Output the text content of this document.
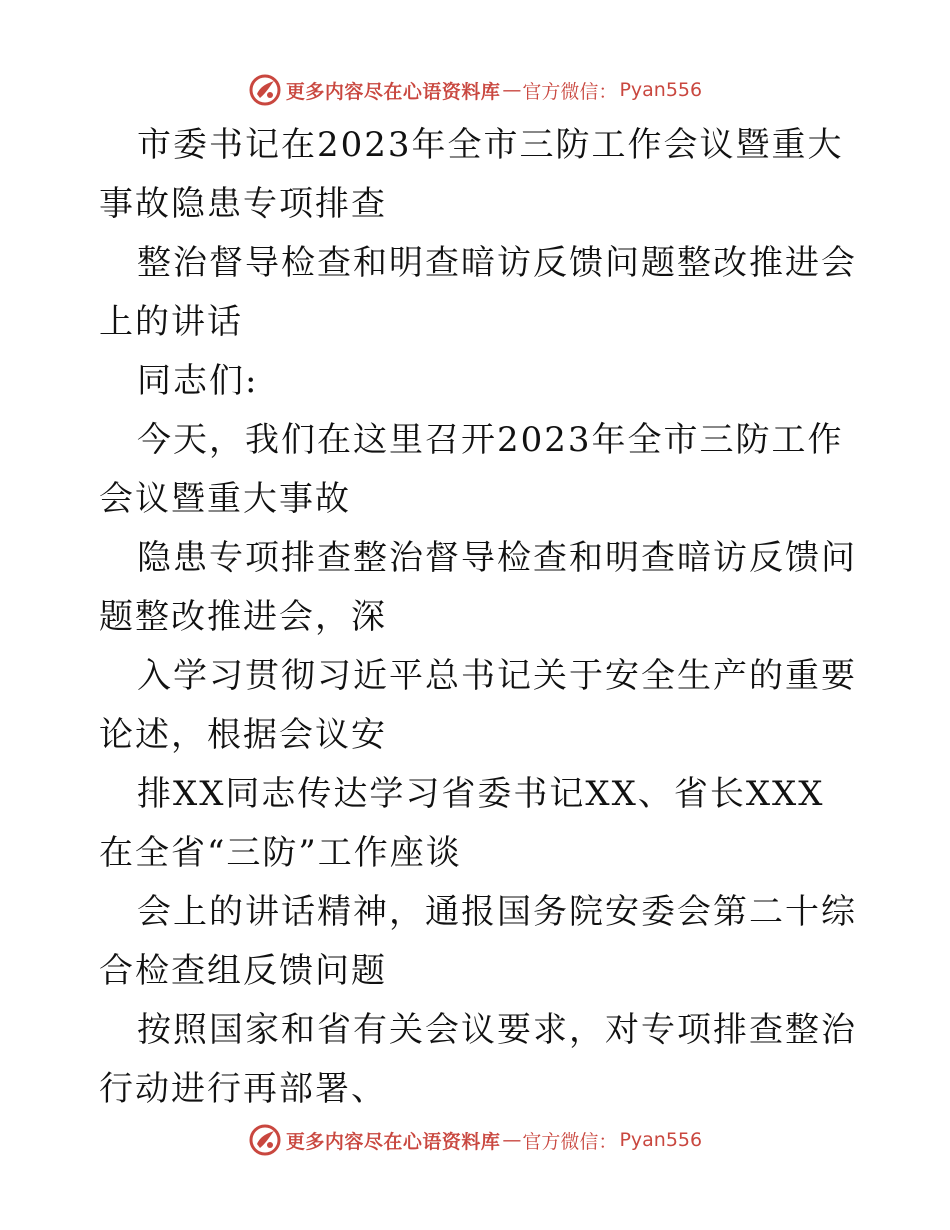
更多内容尽在心语资料库 — 官方微信： Pyan556

市委书记在2023年全市三防工作会议暨重大事故隐患专项排查

整治督导检查和明查暗访反馈问题整改推进会上的讲话

同志们:

今天，我们在这里召开2023年全市三防工作会议暨重大事故

隐患专项排查整治督导检查和明查暗访反馈问题整改推进会，深

入学习贯彻习近平总书记关于安全生产的重要论述，根据会议安

排XX同志传达学习省委书记XX、省长XXX在全省“三防”工作座谈

会上的讲话精神，通报国务院安委会第二十综合检查组反馈问题

按照国家和省有关会议要求，对专项排查整治行动进行再部署、

更多内容尽在心语资料库 — 官方微信： Pyan556
